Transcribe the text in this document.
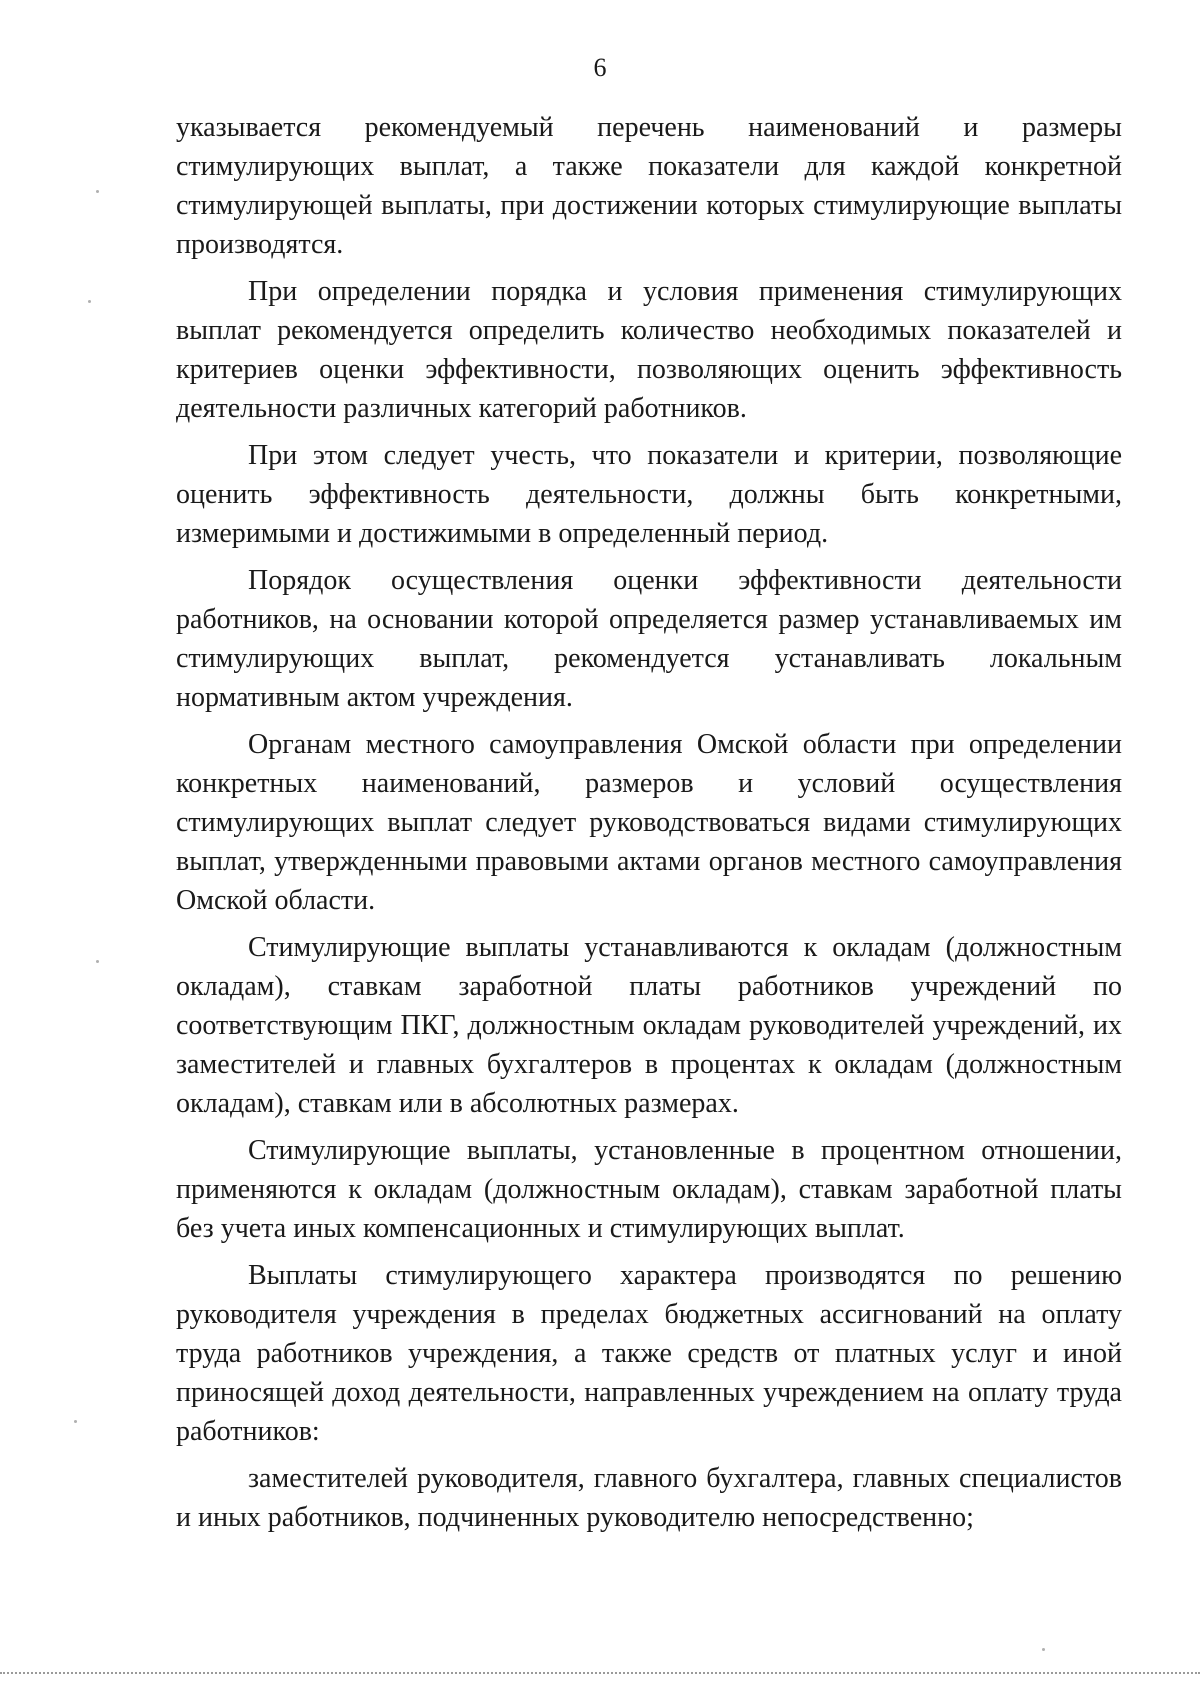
6

указывается рекомендуемый перечень наименований и размеры стимулирующих выплат, а также показатели для каждой конкретной стимулирующей выплаты, при достижении которых стимулирующие выплаты производятся.

При определении порядка и условия применения стимулирующих выплат рекомендуется определить количество необходимых показателей и критериев оценки эффективности, позволяющих оценить эффективность деятельности различных категорий работников.

При этом следует учесть, что показатели и критерии, позволяющие оценить эффективность деятельности, должны быть конкретными, измеримыми и достижимыми в определенный период.

Порядок осуществления оценки эффективности деятельности работников, на основании которой определяется размер устанавливаемых им стимулирующих выплат, рекомендуется устанавливать локальным нормативным актом учреждения.

Органам местного самоуправления Омской области при определении конкретных наименований, размеров и условий осуществления стимулирующих выплат следует руководствоваться видами стимулирующих выплат, утвержденными правовыми актами органов местного самоуправления Омской области.

Стимулирующие выплаты устанавливаются к окладам (должностным окладам), ставкам заработной платы работников учреждений по соответствующим ПКГ, должностным окладам руководителей учреждений, их заместителей и главных бухгалтеров в процентах к окладам (должностным окладам), ставкам или в абсолютных размерах.

Стимулирующие выплаты, установленные в процентном отношении, применяются к окладам (должностным окладам), ставкам заработной платы без учета иных компенсационных и стимулирующих выплат.

Выплаты стимулирующего характера производятся по решению руководителя учреждения в пределах бюджетных ассигнований на оплату труда работников учреждения, а также средств от платных услуг и иной приносящей доход деятельности, направленных учреждением на оплату труда работников:

заместителей руководителя, главного бухгалтера, главных специалистов и иных работников, подчиненных руководителю непосредственно;
